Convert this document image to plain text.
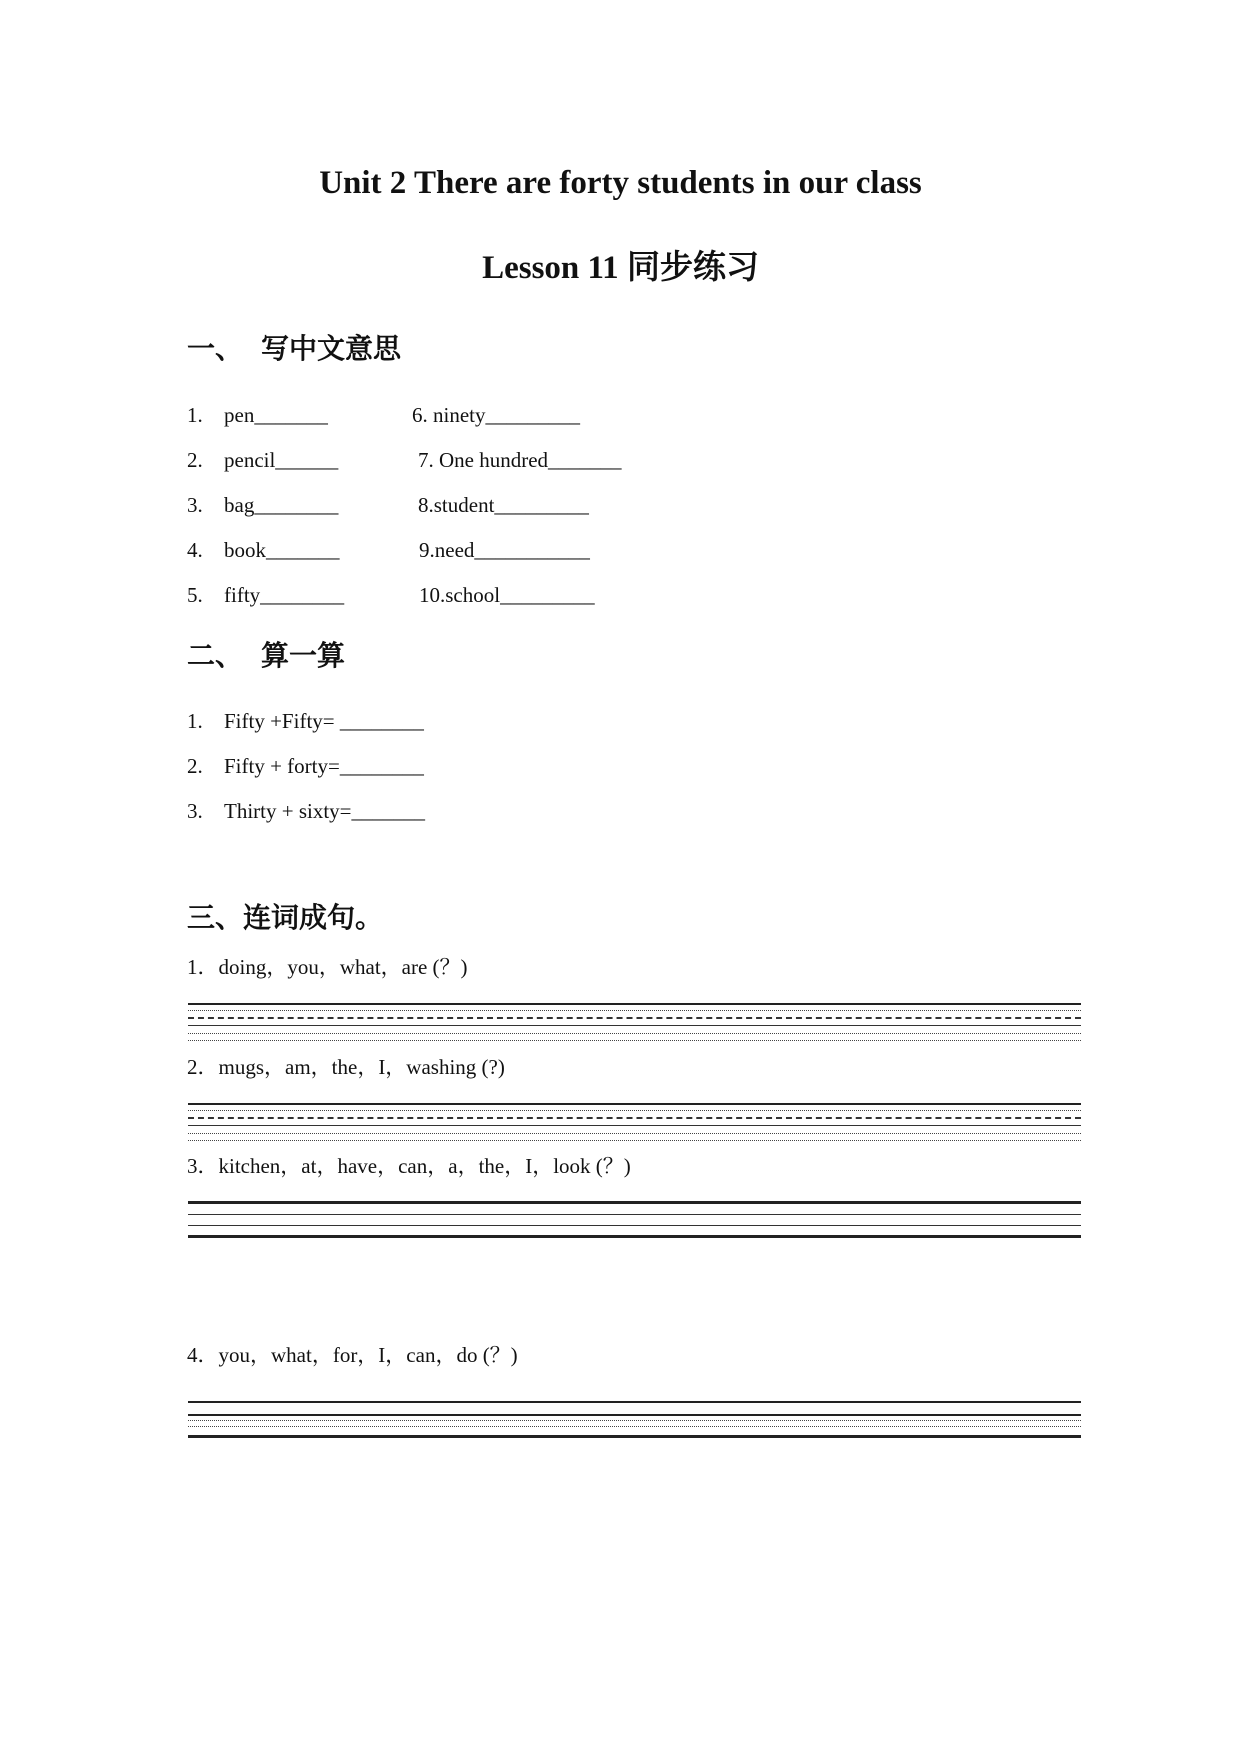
Unit 2 There are forty students in our class
Lesson 11 同步练习
一、 写中文意思
1. pen_______	6. ninety_________
2. pencil______	7. One hundred_______
3. bag________	8.student_________
4. book_______	9.need___________
5. fifty________	10.school_________
二、 算一算
1. Fifty +Fifty= ________
2. Fifty + forty=________
3. Thirty + sixty=_______
三、连词成句。
1．doing，you，what，are (？)
2．mugs，am，the，I，washing (?)
3．kitchen，at，have，can，a，the，I，look (？)
4．you，what，for，I，can，do (？)
